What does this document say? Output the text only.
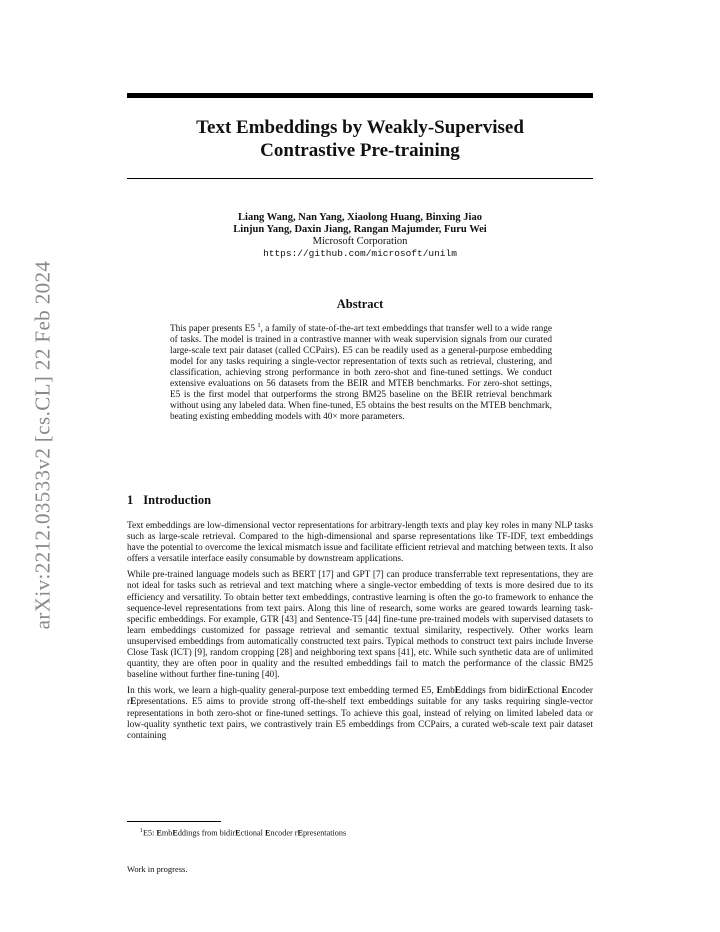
arXiv:2212.03533v2 [cs.CL] 22 Feb 2024
Text Embeddings by Weakly-Supervised
Contrastive Pre-training
Liang Wang, Nan Yang, Xiaolong Huang, Binxing Jiao
Linjun Yang, Daxin Jiang, Rangan Majumder, Furu Wei
Microsoft Corporation
https://github.com/microsoft/unilm
Abstract
This paper presents E5 $^1$, a family of state-of-the-art text embeddings that transfer well to a wide range of tasks. The model is trained in a contrastive manner with weak supervision signals from our curated large-scale text pair dataset (called CCPairs). E5 can be readily used as a general-purpose embedding model for any tasks requiring a single-vector representation of texts such as retrieval, clustering, and classification, achieving strong performance in both zero-shot and fine-tuned settings. We conduct extensive evaluations on 56 datasets from the BEIR and MTEB benchmarks. For zero-shot settings, E5 is the first model that outperforms the strong BM25 baseline on the BEIR retrieval benchmark without using any labeled data. When fine-tuned, E5 obtains the best results on the MTEB benchmark, beating existing embedding models with 40× more parameters.
1 Introduction

Text embeddings are low-dimensional vector representations for arbitrary-length texts and play key roles in many NLP tasks such as large-scale retrieval. Compared to the high-dimensional and sparse representations like TF-IDF, text embeddings have the potential to overcome the lexical mismatch issue and facilitate efficient retrieval and matching between texts. It also offers a versatile interface easily consumable by downstream applications.

While pre-trained language models such as BERT [17] and GPT [7] can produce transferrable text representations, they are not ideal for tasks such as retrieval and text matching where a single-vector embedding of texts is more desired due to its efficiency and versatility. To obtain better text embeddings, contrastive learning is often the go-to framework to enhance the sequence-level representations from text pairs. Along this line of research, some works are geared towards learning task-specific embeddings. For example, GTR [43] and Sentence-T5 [44] fine-tune pre-trained models with supervised datasets to learn embeddings customized for passage retrieval and semantic textual similarity, respectively. Other works learn unsupervised embeddings from automatically constructed text pairs. Typical methods to construct text pairs include Inverse Close Task (ICT) [9], random cropping [28] and neighboring text spans [41], etc. While such synthetic data are of unlimited quantity, they are often poor in quality and the resulted embeddings fail to match the performance of the classic BM25 baseline without further fine-tuning [40].

In this work, we learn a high-quality general-purpose text embedding termed E5, EmbEddings from bidirEctional Encoder rEpresentations. E5 aims to provide strong off-the-shelf text embeddings suitable for any tasks requiring single-vector representations in both zero-shot or fine-tuned settings. To achieve this goal, instead of relying on limited labeled data or low-quality synthetic text pairs, we contrastively train E5 embeddings from CCPairs, a curated web-scale text pair dataset containing

$^1$E5: EmbEddings from bidirEctional Encoder rEpresentations
Work in progress.
